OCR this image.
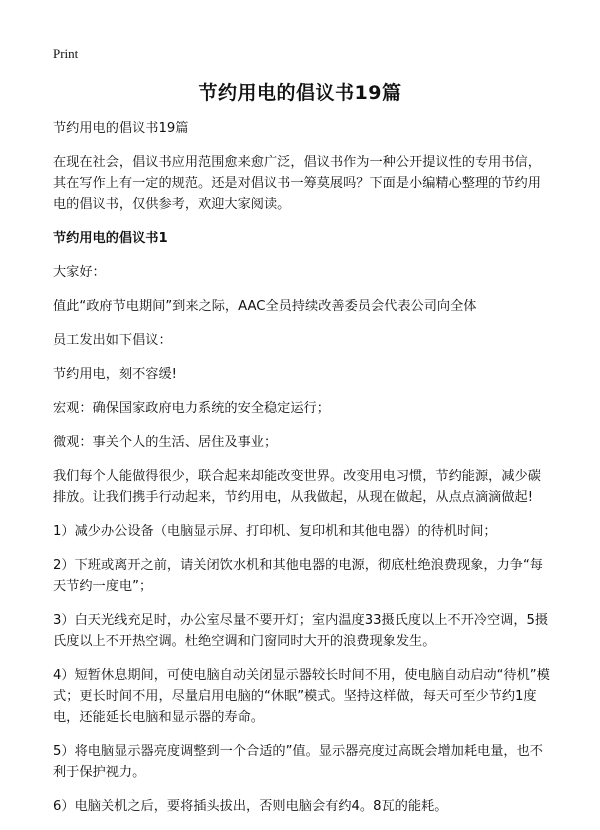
Print
节约用电的倡议书19篇

节约用电的倡议书19篇

在现在社会，倡议书应用范围愈来愈广泛，倡议书作为一种公开提议性的专用书信，其在写作上有一定的规范。还是对倡议书一筹莫展吗？下面是小编精心整理的节约用电的倡议书，仅供参考，欢迎大家阅读。

节约用电的倡议书1

大家好：

值此“政府节电期间”到来之际，AAC全员持续改善委员会代表公司向全体

员工发出如下倡议：

节约用电，刻不容缓!

宏观：确保国家政府电力系统的安全稳定运行；

微观：事关个人的生活、居住及事业；

我们每个人能做得很少，联合起来却能改变世界。改变用电习惯，节约能源，减少碳排放。让我们携手行动起来，节约用电，从我做起，从现在做起，从点点滴滴做起!

1）减少办公设备（电脑显示屏、打印机、复印机和其他电器）的待机时间；

2）下班或离开之前，请关闭饮水机和其他电器的电源，彻底杜绝浪费现象，力争“每天节约一度电”；

3）白天光线充足时，办公室尽量不要开灯；室内温度33摄氏度以上不开冷空调，5摄氏度以上不开热空调。杜绝空调和门窗同时大开的浪费现象发生。

4）短暂休息期间，可使电脑自动关闭显示器较长时间不用，使电脑自动启动“待机”模式；更长时间不用，尽量启用电脑的“休眠”模式。坚持这样做，每天可至少节约1度电，还能延长电脑和显示器的寿命。

5）将电脑显示器亮度调整到一个合适的”值。显示器亮度过高既会增加耗电量，也不利于保护视力。

6）电脑关机之后，要将插头拔出，否则电脑会有约4。8瓦的能耗。
